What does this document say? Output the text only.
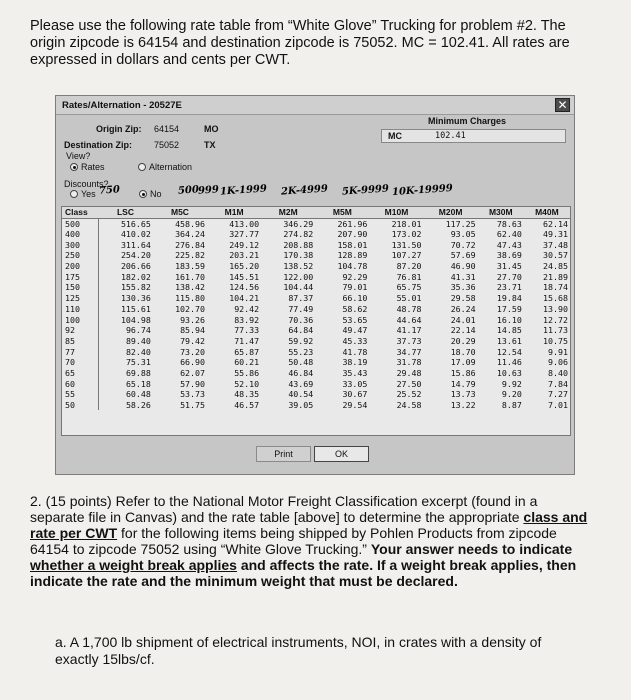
Please use the following rate table from “White Glove” Trucking for problem #2. The origin zipcode is 64154 and destination zipcode is 75052. MC = 102.41. All rates are expressed in dollars and cents per CWT.
Rates/Alternation - 20527E	✕
Origin Zip: 64154	MO
Destination Zip: 75052	TX
View?
Rates	Alternation
Minimum Charges
MC	102.41
Discounts?
Yes	No
750	500
999 1K-1999 2K-4999 5K-9999 10K-19999
Class	LSC	M5C	M1M	M2M	M5M	M10M	M20M	M30M	M40M
500	516.65	458.96	413.00	346.29	261.96	218.01	117.25	78.63	62.14
400	410.02	364.24	327.77	274.82	207.90	173.02	93.05	62.40	49.31
300	311.64	276.84	249.12	208.88	158.01	131.50	70.72	47.43	37.48
250	254.20	225.82	203.21	170.38	128.89	107.27	57.69	38.69	30.57
200	206.66	183.59	165.20	138.52	104.78	87.20	46.90	31.45	24.85
175	182.02	161.70	145.51	122.00	92.29	76.81	41.31	27.70	21.89
150	155.82	138.42	124.56	104.44	79.01	65.75	35.36	23.71	18.74
125	130.36	115.80	104.21	87.37	66.10	55.01	29.58	19.84	15.68
110	115.61	102.70	92.42	77.49	58.62	48.78	26.24	17.59	13.90
100	104.98	93.26	83.92	70.36	53.65	44.64	24.01	16.10	12.72
92	96.74	85.94	77.33	64.84	49.47	41.17	22.14	14.85	11.73
85	89.40	79.42	71.47	59.92	45.33	37.73	20.29	13.61	10.75
77	82.40	73.20	65.87	55.23	41.78	34.77	18.70	12.54	9.91
70	75.31	66.90	60.21	50.48	38.19	31.78	17.09	11.46	9.06
65	69.88	62.07	55.86	46.84	35.43	29.48	15.86	10.63	8.40
60	65.18	57.90	52.10	43.69	33.05	27.50	14.79	9.92	7.84
55	60.48	53.73	48.35	40.54	30.67	25.52	13.73	9.20	7.27
50	58.26	51.75	46.57	39.05	29.54	24.58	13.22	8.87	7.01
Print	OK
2. (15 points) Refer to the National Motor Freight Classification excerpt (found in a separate file in Canvas) and the rate table [above] to determine the appropriate class and rate per CWT for the following items being shipped by Pohlen Products from zipcode 64154 to zipcode 75052 using “White Glove Trucking.” Your answer needs to indicate whether a weight break applies and affects the rate. If a weight break applies, then indicate the rate and the minimum weight that must be declared.
a. A 1,700 lb shipment of electrical instruments, NOI, in crates with a density of exactly 15lbs/cf.
